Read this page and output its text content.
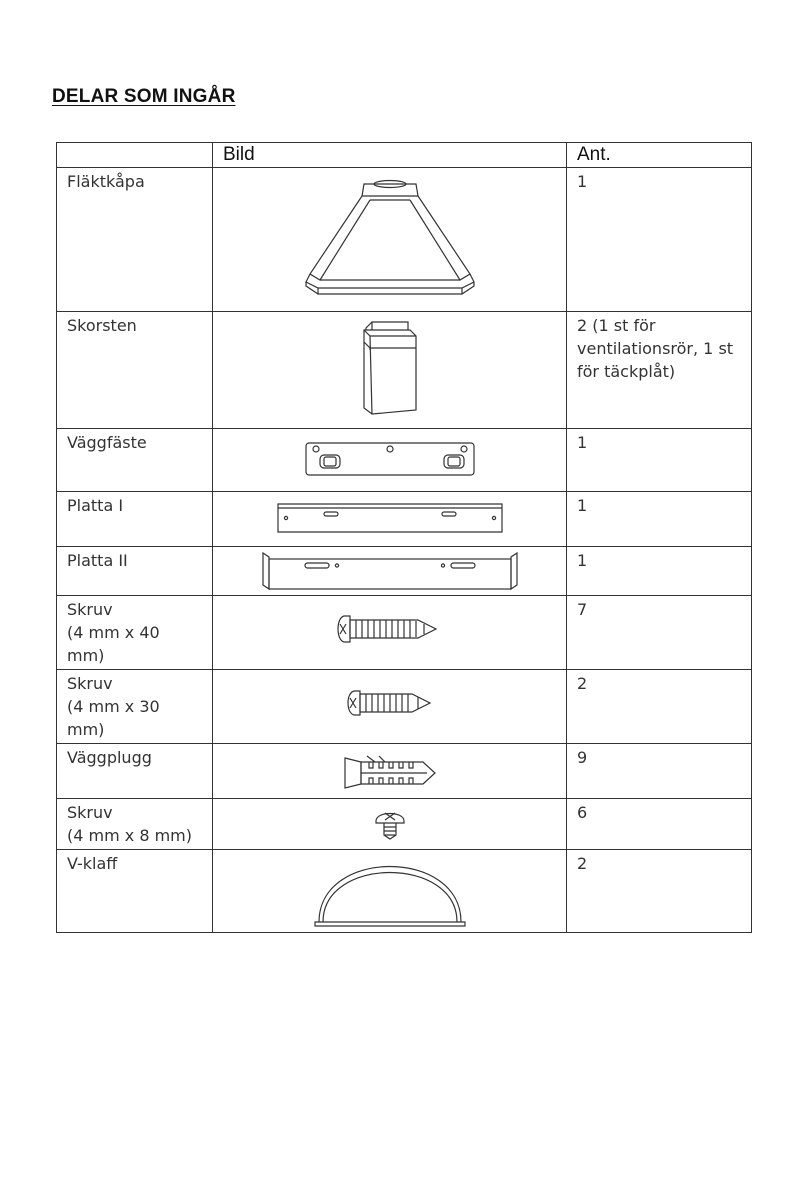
DELAR SOM INGÅR
	Bild	Ant.
Fläktkåpa		1
Skorsten		2 (1 st för ventilationsrör, 1 st för täckplåt)
Väggfäste		1
Platta I		1
Platta II		1

Skruv
(4 mm x 40
mm)		7

Skruv
(4 mm x 30
mm)		2
Väggplugg		9

Skruv
(4 mm x 8 mm)		6
V-klaff		2
